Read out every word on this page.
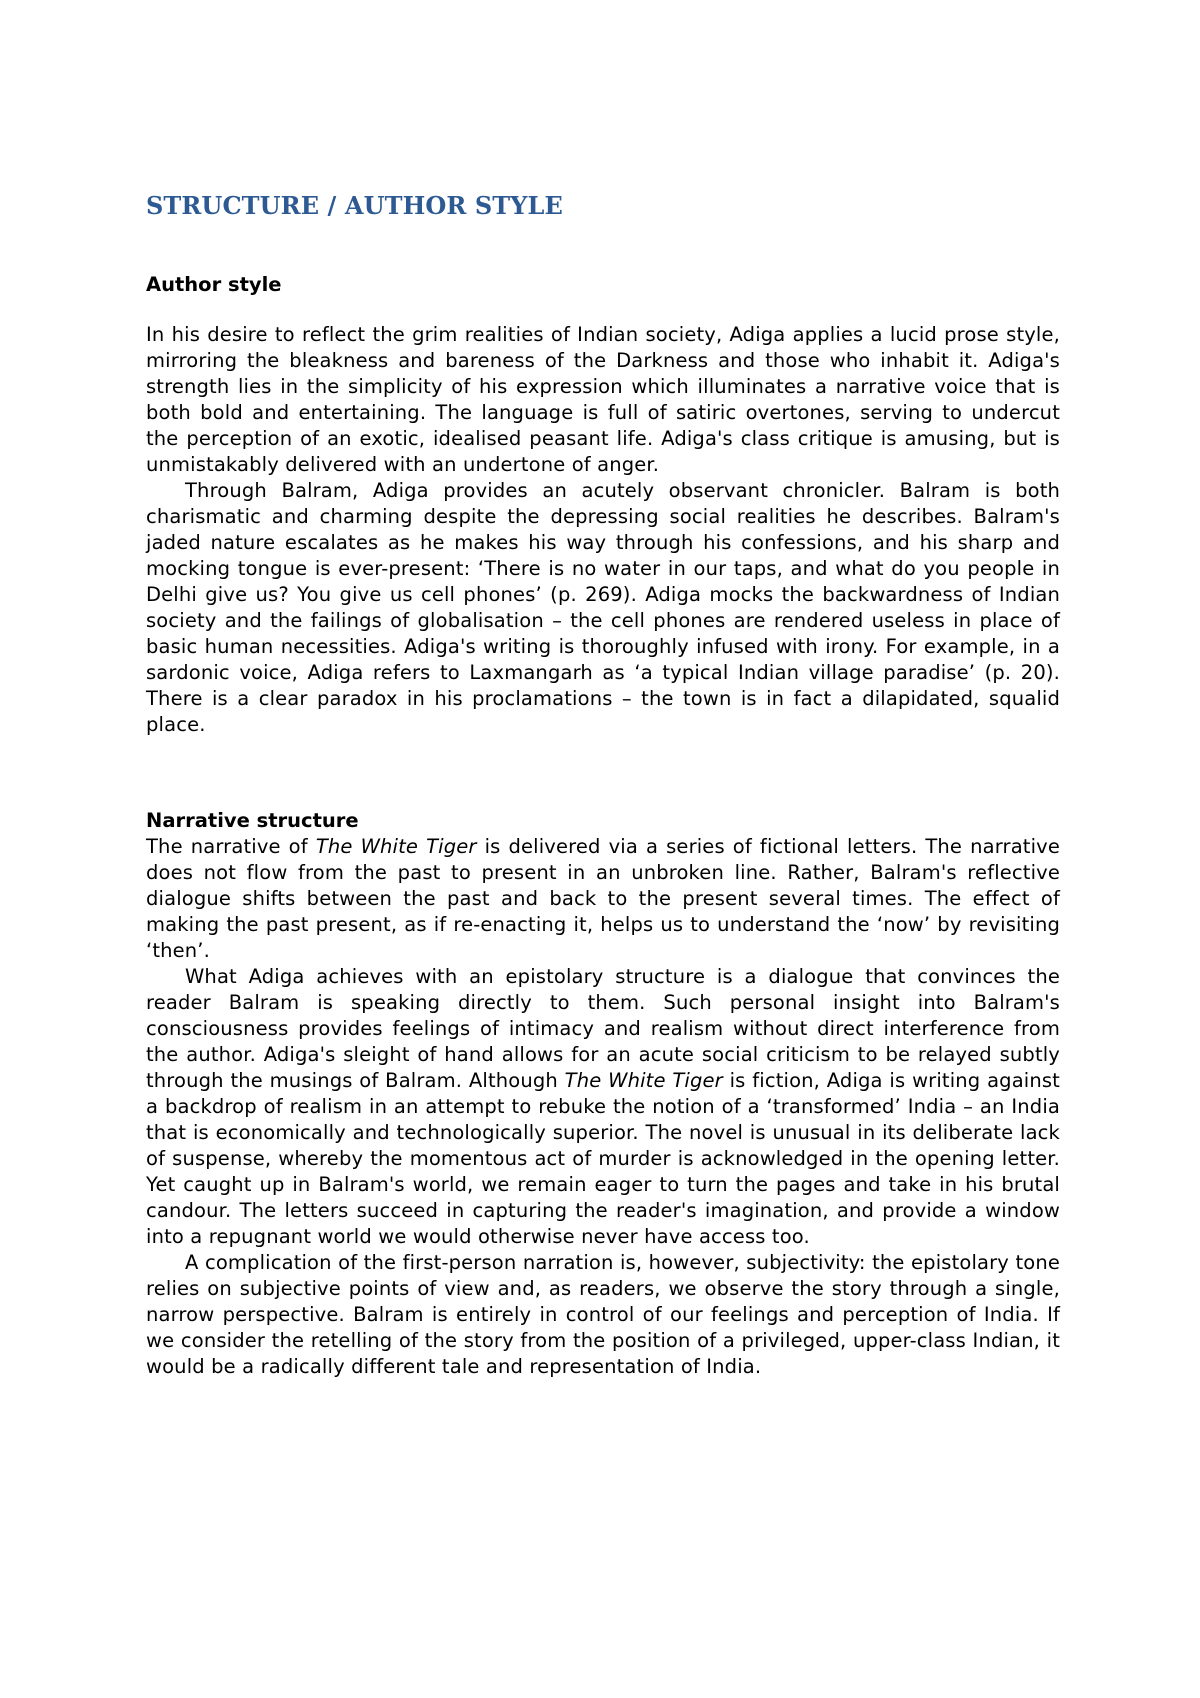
STRUCTURE / AUTHOR STYLE
Author style

In his desire to reflect the grim realities of Indian society, Adiga applies a lucid prose style, mirroring the bleakness and bareness of the Darkness and those who inhabit it. Adiga's strength lies in the simplicity of his expression which illuminates a narrative voice that is both bold and entertaining. The language is full of satiric overtones, serving to undercut the perception of an exotic, idealised peasant life. Adiga's class critique is amusing, but is unmistakably delivered with an undertone of anger.

Through Balram, Adiga provides an acutely observant chronicler. Balram is both charismatic and charming despite the depressing social realities he describes. Balram's jaded nature escalates as he makes his way through his confessions, and his sharp and mocking tongue is ever-present: ‘There is no water in our taps, and what do you people in Delhi give us? You give us cell phones’ (p. 269). Adiga mocks the backwardness of Indian society and the failings of globalisation – the cell phones are rendered useless in place of basic human necessities. Adiga's writing is thoroughly infused with irony. For example, in a sardonic voice, Adiga refers to Laxmangarh as ‘a typical Indian village paradise’ (p. 20). There is a clear paradox in his proclamations – the town is in fact a dilapidated, squalid place.

Narrative structure

The narrative of The White Tiger is delivered via a series of fictional letters. The narrative does not flow from the past to present in an unbroken line. Rather, Balram's reflective dialogue shifts between the past and back to the present several times. The effect of making the past present, as if re-enacting it, helps us to understand the ‘now’ by revisiting ‘then’.

What Adiga achieves with an epistolary structure is a dialogue that convinces the reader Balram is speaking directly to them. Such personal insight into Balram's consciousness provides feelings of intimacy and realism without direct interference from the author. Adiga's sleight of hand allows for an acute social criticism to be relayed subtly through the musings of Balram. Although The White Tiger is fiction, Adiga is writing against a backdrop of realism in an attempt to rebuke the notion of a ‘transformed’ India – an India that is economically and technologically superior. The novel is unusual in its deliberate lack of suspense, whereby the momentous act of murder is acknowledged in the opening letter. Yet caught up in Balram's world, we remain eager to turn the pages and take in his brutal candour. The letters succeed in capturing the reader's imagination, and provide a window into a repugnant world we would otherwise never have access too.

A complication of the first-person narration is, however, subjectivity: the epistolary tone relies on subjective points of view and, as readers, we observe the story through a single, narrow perspective. Balram is entirely in control of our feelings and perception of India. If we consider the retelling of the story from the position of a privileged, upper-class Indian, it would be a radically different tale and representation of India.
